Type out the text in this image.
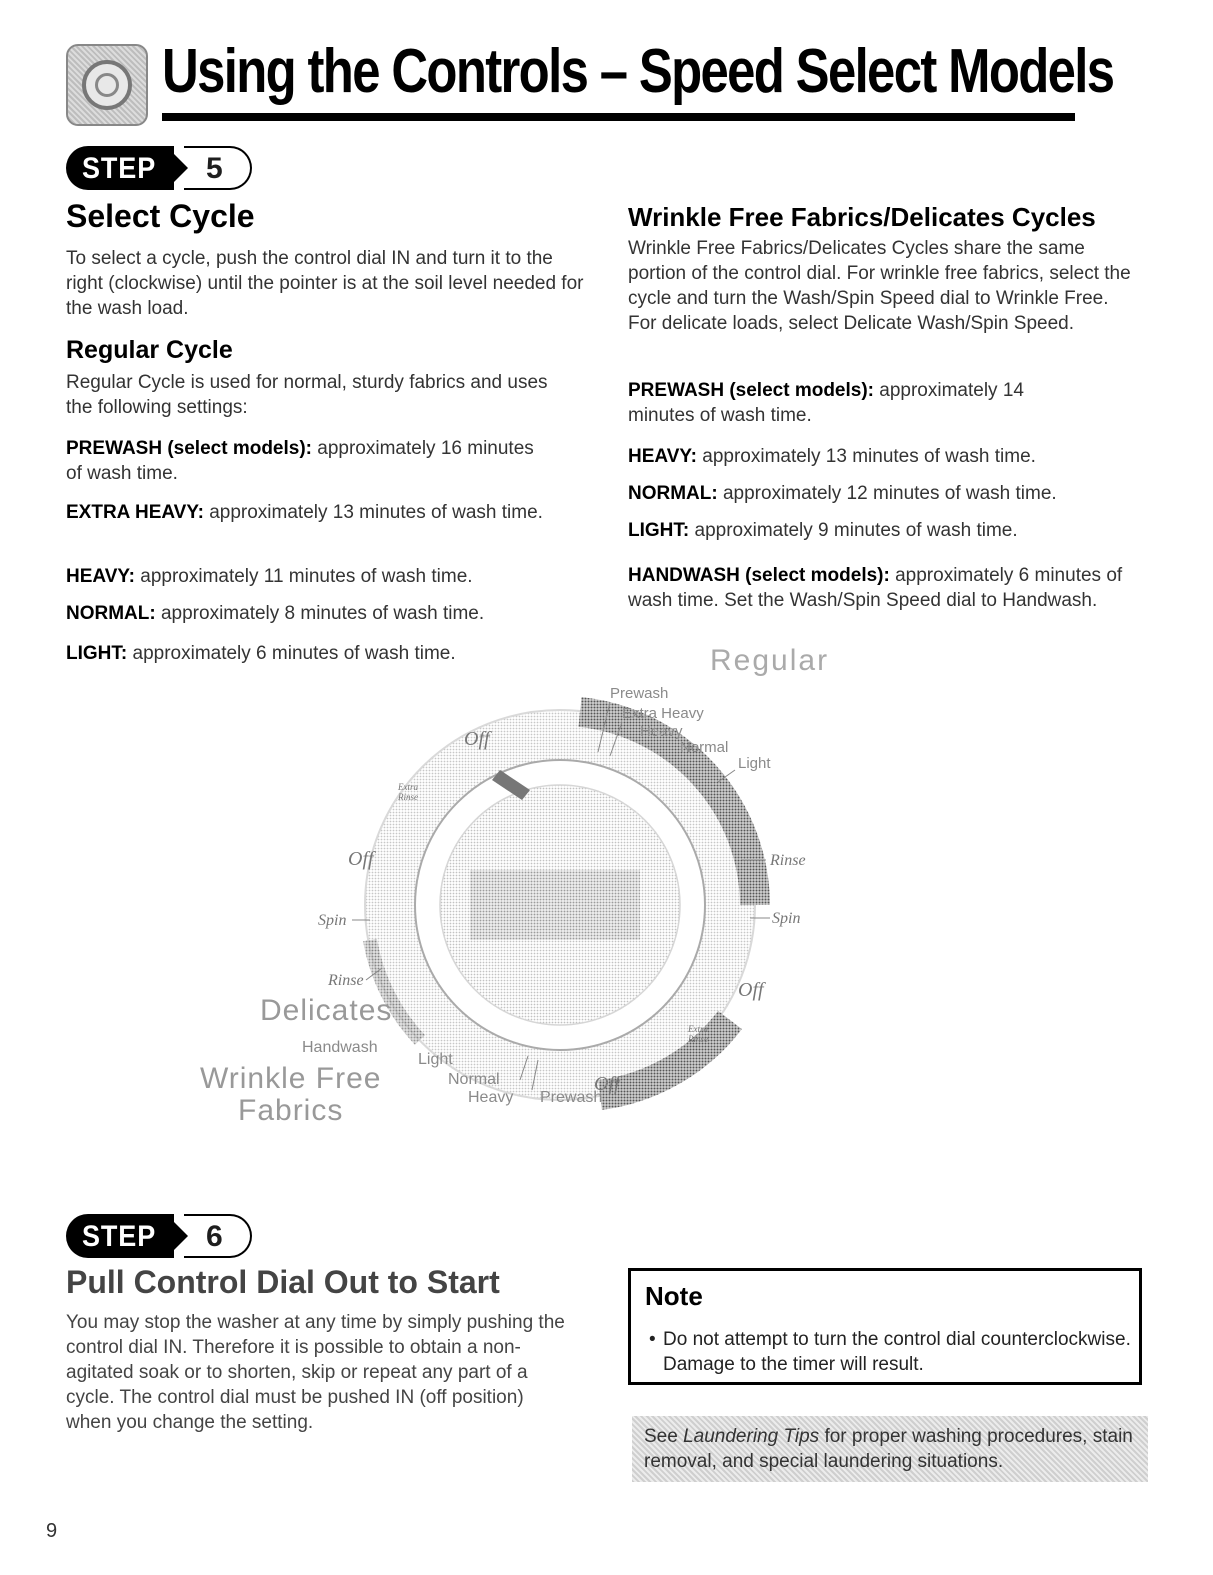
Using the Controls – Speed Select Models
STEP 5
Select Cycle

To select a cycle, push the control dial IN and turn it to the right (clockwise) until the pointer is at the soil level needed for the wash load.

Regular Cycle

Regular Cycle is used for normal, sturdy fabrics and uses the following settings:

PREWASH (select models): approximately 16 minutes of wash time.

EXTRA HEAVY: approximately 13 minutes of wash time.

HEAVY: approximately 11 minutes of wash time.

NORMAL: approximately 8 minutes of wash time.

LIGHT: approximately 6 minutes of wash time.

Wrinkle Free Fabrics/Delicates Cycles

Wrinkle Free Fabrics/Delicates Cycles share the same portion of the control dial. For wrinkle free fabrics, select the cycle and turn the Wash/Spin Speed dial to Wrinkle Free. For delicate loads, select Delicate Wash/Spin Speed.

PREWASH (select models): approximately 14 minutes of wash time.

HEAVY: approximately 13 minutes of wash time.

NORMAL: approximately 12 minutes of wash time.

LIGHT: approximately 9 minutes of wash time.

HANDWASH (select models): approximately 6 minutes of wash time. Set the Wash/Spin Speed dial to Handwash.

Regular
Prewash
Extra Heavy
Heavy
Normal
Light
Off
Extra
Rinse
Off
Spin
Rinse
Delicates
Handwash
Light
Normal
Heavy Prewash
Wrinkle Free
Fabrics
Rinse
Spin
Off
Off
Extra
Rinse
STEP 6
Pull Control Dial Out to Start

You may stop the washer at any time by simply pushing the control dial IN. Therefore it is possible to obtain a non-agitated soak or to shorten, skip or repeat any part of a cycle. The control dial must be pushed IN (off position) when you change the setting.

Note
• Do not attempt to turn the control dial counterclockwise. Damage to the timer will result.
See Laundering Tips for proper washing procedures, stain removal, and special laundering situations.
9
